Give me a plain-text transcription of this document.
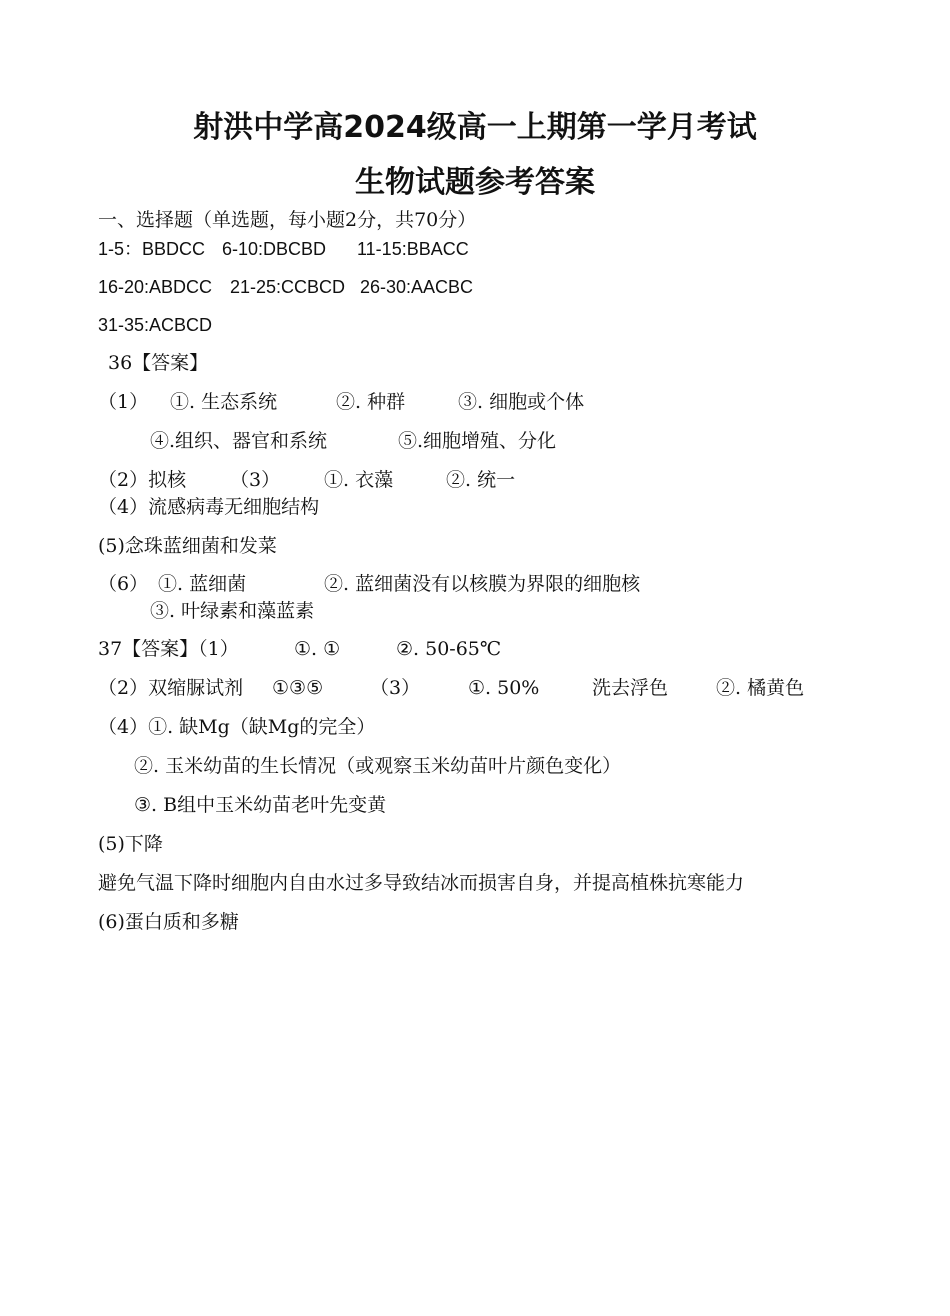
射洪中学高2024级高一上期第一学月考试
生物试题参考答案
一、选择题（单选题，每小题2分，共70分）
1-5：BBDCC 6-10:DBCBD 11-15:BBACC
16-20:ABDCC 21-25:CCBCD 26-30:AACBC
31-35:ACBCD
36【答案】
（1） ①. 生态系统	②. 种群	③. 细胞或个体
④.组织、器官和系统	⑤.细胞增殖、分化
（2）拟核 （3） ①. 衣藻	②. 统一
（4）流感病毒无细胞结构
(5)念珠蓝细菌和发菜
（6） ①. 蓝细菌	②. 蓝细菌没有以核膜为界限的细胞核
③. 叶绿素和藻蓝素
37【答案】（1）	①. ①	②. 50-65℃
（2）双缩脲试剂 ①③⑤ （3）	①. 50%	洗去浮色	②. 橘黄色
（4）①. 缺Mg（缺Mg的完全）
②. 玉米幼苗的生长情况（或观察玉米幼苗叶片颜色变化）
③. B组中玉米幼苗老叶先变黄
(5)下降
避免气温下降时细胞内自由水过多导致结冰而损害自身，并提高植株抗寒能力
(6)蛋白质和多糖
